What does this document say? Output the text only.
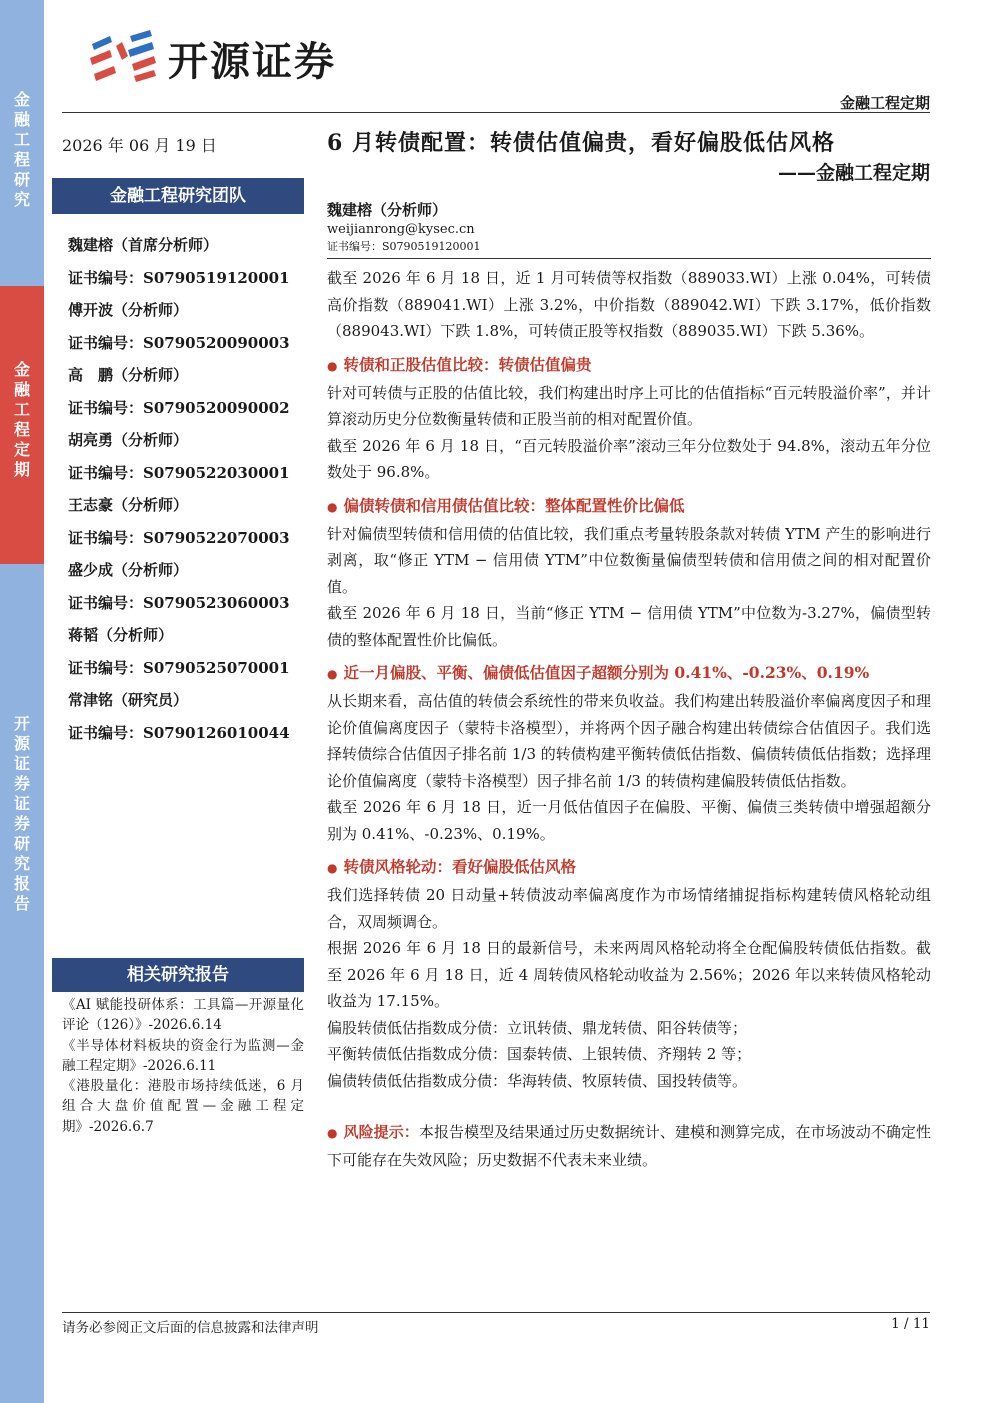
金融工程研究
金融工程定期
开源证券 证券研究报告
开源证券
金融工程定期
2026 年 06 月 19 日	6 月转债配置：转债估值偏贵，看好偏股低估风格
——金融工程定期
金融工程研究团队
魏建榕（首席分析师）
证书编号：S0790519120001
傅开波（分析师）
证书编号：S0790520090003
高　鹏（分析师）
证书编号：S0790520090002
胡亮勇（分析师）
证书编号：S0790522030001
王志豪（分析师）
证书编号：S0790522070003
盛少成（分析师）
证书编号：S0790523060003
蒋韬（分析师）
证书编号：S0790525070001
常津铭（研究员）
证书编号：S0790126010044
相关研究报告
《AI 赋能投研体系：工具篇—开源量化评论（126）》-2026.6.14
《半导体材料板块的资金行为监测—金融工程定期》-2026.6.11
《港股量化：港股市场持续低迷，6 月组合大盘价值配置—金融工程定期》-2026.6.7
魏建榕（分析师）
weijianrong@kysec.cn
证书编号：S0790519120001

截至 2026 年 6 月 18 日，近 1 月可转债等权指数（889033.WI）上涨 0.04%，可转债高价指数（889041.WI）上涨 3.2%，中价指数（889042.WI）下跌 3.17%，低价指数（889043.WI）下跌 1.8%，可转债正股等权指数（889035.WI）下跌 5.36%。

● 转债和正股估值比较：转债估值偏贵

针对可转债与正股的估值比较，我们构建出时序上可比的估值指标“百元转股溢价率”，并计算滚动历史分位数衡量转债和正股当前的相对配置价值。

截至 2026 年 6 月 18 日，“百元转股溢价率”滚动三年分位数处于 94.8%，滚动五年分位数处于 96.8%。

● 偏债转债和信用债估值比较：整体配置性价比偏低

针对偏债型转债和信用债的估值比较，我们重点考量转股条款对转债 YTM 产生的影响进行剥离，取“修正 YTM − 信用债 YTM”中位数衡量偏债型转债和信用债之间的相对配置价值。

截至 2026 年 6 月 18 日，当前“修正 YTM − 信用债 YTM”中位数为-3.27%，偏债型转债的整体配置性价比偏低。

● 近一月偏股、平衡、偏债低估值因子超额分别为 0.41%、-0.23%、0.19%

从长期来看，高估值的转债会系统性的带来负收益。我们构建出转股溢价率偏离度因子和理论价值偏离度因子（蒙特卡洛模型），并将两个因子融合构建出转债综合估值因子。我们选择转债综合估值因子排名前 1/3 的转债构建平衡转债低估指数、偏债转债低估指数；选择理论价值偏离度（蒙特卡洛模型）因子排名前 1/3 的转债构建偏股转债低估指数。

截至 2026 年 6 月 18 日，近一月低估值因子在偏股、平衡、偏债三类转债中增强超额分别为 0.41%、-0.23%、0.19%。

● 转债风格轮动：看好偏股低估风格

我们选择转债 20 日动量+转债波动率偏离度作为市场情绪捕捉指标构建转债风格轮动组合，双周频调仓。

根据 2026 年 6 月 18 日的最新信号，未来两周风格轮动将全仓配偏股转债低估指数。截至 2026 年 6 月 18 日，近 4 周转债风格轮动收益为 2.56%；2026 年以来转债风格轮动收益为 17.15%。

偏股转债低估指数成分债：立讯转债、鼎龙转债、阳谷转债等；

平衡转债低估指数成分债：国泰转债、上银转债、齐翔转 2 等；

偏债转债低估指数成分债：华海转债、牧原转债、国投转债等。

● 风险提示：本报告模型及结果通过历史数据统计、建模和测算完成，在市场波动不确定性下可能存在失效风险；历史数据不代表未来业绩。

请务必参阅正文后面的信息披露和法律声明	1 / 11
